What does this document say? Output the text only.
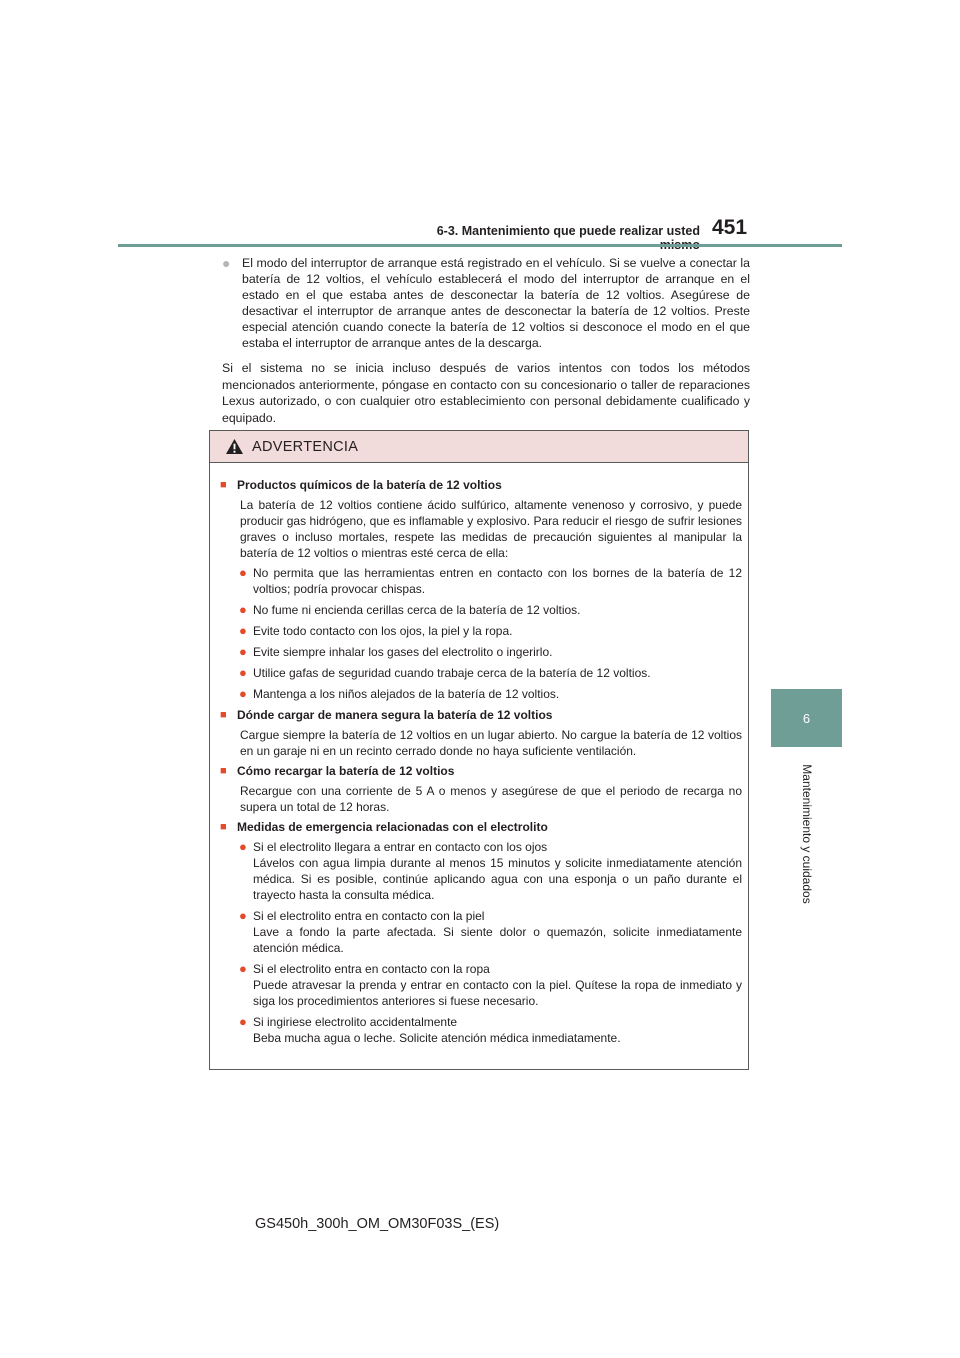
6-3. Mantenimiento que puede realizar usted 451
6
Mantenimiento y cuidados
● El modo del interruptor de arranque está registrado en el vehículo. Si se vuelve a conectar la batería de 12 voltios, el vehículo establecerá el modo del interruptor de arranque en el estado en el que estaba antes de desconectar la batería de 12 voltios. Asegúrese de desactivar el interruptor de arranque antes de desconectar la batería de 12 voltios. Preste especial atención cuando conecte la batería de 12 voltios si desconoce el modo en el que estaba el interruptor de arranque antes de la descarga.
Si el sistema no se inicia incluso después de varios intentos con todos los métodos mencionados anteriormente, póngase en contacto con su concesionario o taller de reparaciones Lexus autorizado, o con cualquier otro establecimiento con personal debidamente cualificado y equipado.
ADVERTENCIA
■ Productos químicos de la batería de 12 voltios
La batería de 12 voltios contiene ácido sulfúrico, altamente venenoso y corrosivo, y puede producir gas hidrógeno, que es inflamable y explosivo. Para reducir el riesgo de sufrir lesiones graves o incluso mortales, respete las medidas de precaución siguientes al manipular la batería de 12 voltios o mientras esté cerca de ella:
● No permita que las herramientas entren en contacto con los bornes de la batería de 12 voltios; podría provocar chispas.
● No fume ni encienda cerillas cerca de la batería de 12 voltios.
● Evite todo contacto con los ojos, la piel y la ropa.
● Evite siempre inhalar los gases del electrolito o ingerirlo.
● Utilice gafas de seguridad cuando trabaje cerca de la batería de 12 voltios.
● Mantenga a los niños alejados de la batería de 12 voltios.
■ Dónde cargar de manera segura la batería de 12 voltios
Cargue siempre la batería de 12 voltios en un lugar abierto. No cargue la batería de 12 voltios en un garaje ni en un recinto cerrado donde no haya suficiente ventilación.
■ Cómo recargar la batería de 12 voltios
Recargue con una corriente de 5 A o menos y asegúrese de que el periodo de recarga no supera un total de 12 horas.
■ Medidas de emergencia relacionadas con el electrolito
● Si el electrolito llegara a entrar en contacto con los ojos
Lávelos con agua limpia durante al menos 15 minutos y solicite inmediatamente atención médica. Si es posible, continúe aplicando agua con una esponja o un paño durante el trayecto hasta la consulta médica.
● Si el electrolito entra en contacto con la piel
Lave a fondo la parte afectada. Si siente dolor o quemazón, solicite inmediatamente atención médica.
● Si el electrolito entra en contacto con la ropa
Puede atravesar la prenda y entrar en contacto con la piel. Quítese la ropa de inmediato y siga los procedimientos anteriores si fuese necesario.
● Si ingiriese electrolito accidentalmente
Beba mucha agua o leche. Solicite atención médica inmediatamente.
GS450h_300h_OM_OM30F03S_(ES)
